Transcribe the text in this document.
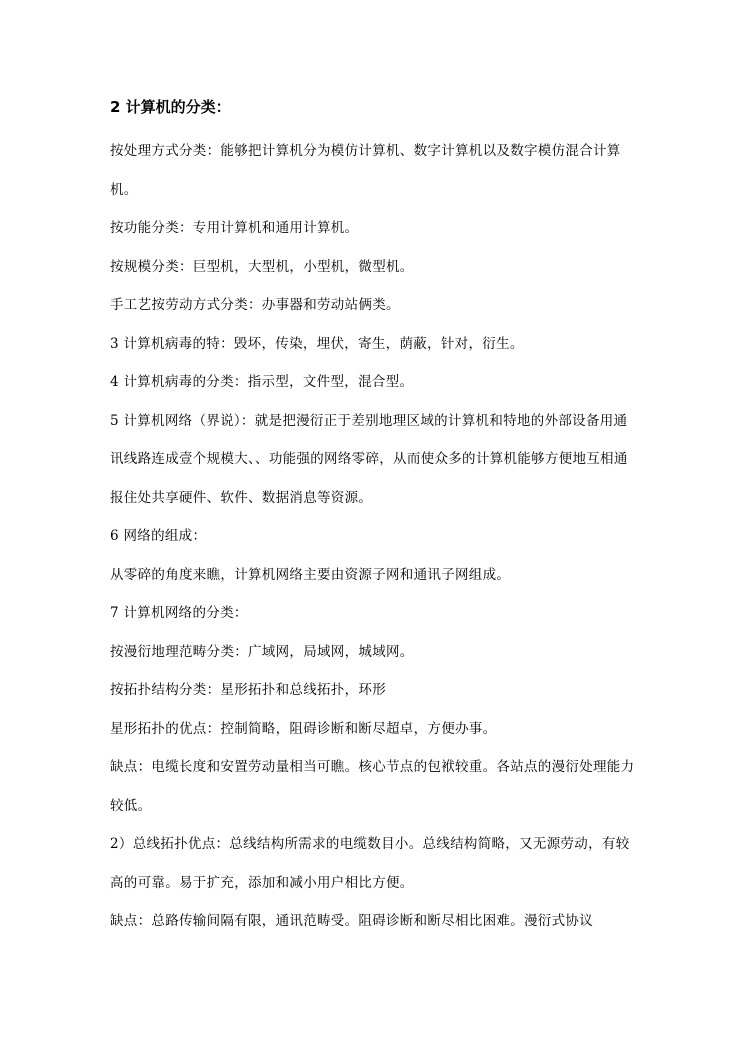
2 计算机的分类：
按处理方式分类：能够把计算机分为模仿计算机、数字计算机以及数字模仿混合计算机。
按功能分类：专用计算机和通用计算机。
按规模分类：巨型机，大型机，小型机，微型机。
手工艺按劳动方式分类：办事器和劳动站俩类。
3 计算机病毒的特：毁坏，传染，埋伏，寄生，荫蔽，针对，衍生。
4 计算机病毒的分类：指示型，文件型，混合型。
5 计算机网络（界说）：就是把漫衍正于差别地理区域的计算机和特地的外部设备用通讯线路连成壹个规模大、、功能强的网络零碎，从而使众多的计算机能够方便地互相通报住处共享硬件、软件、数据消息等资源。
6 网络的组成：
从零碎的角度来瞧，计算机网络主要由资源子网和通讯子网组成。
7 计算机网络的分类：
按漫衍地理范畴分类：广域网，局域网，城域网。
按拓扑结构分类：星形拓扑和总线拓扑，环形
星形拓扑的优点：控制简略，阻碍诊断和断尽超卓，方便办事。
缺点：电缆长度和安置劳动量相当可瞧。核心节点的包袱较重。各站点的漫衍处理能力较低。
2）总线拓扑优点：总线结构所需求的电缆数目小。总线结构简略，又无源劳动，有较高的可靠。易于扩充，添加和减小用户相比方便。
缺点：总路传输间隔有限，通讯范畴受。阻碍诊断和断尽相比困难。漫衍式协议
